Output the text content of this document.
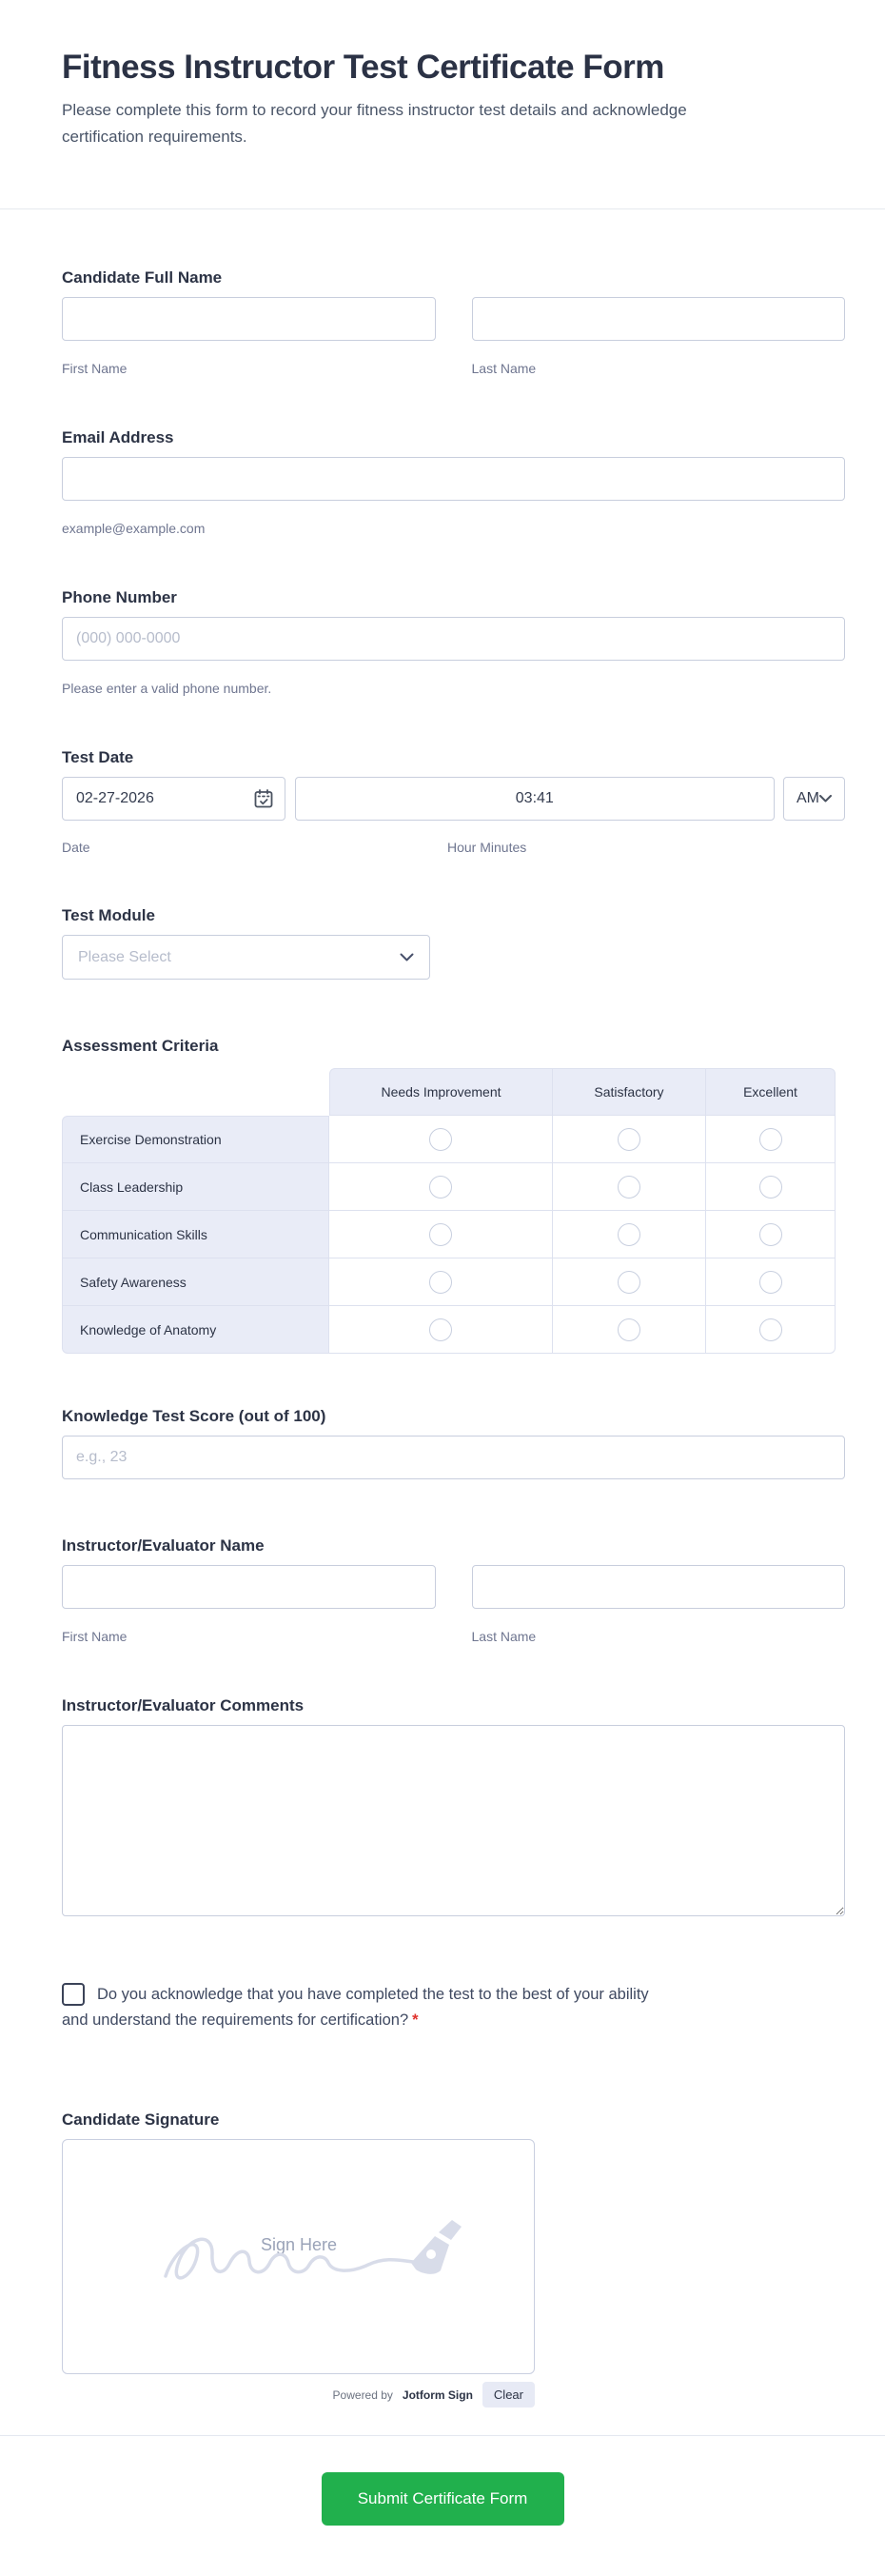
Fitness Instructor Test Certificate Form

Please complete this form to record your fitness instructor test details and acknowledge certification requirements.

Candidate Full Name
First Name	Last Name
Email Address
example@example.com
Phone Number
(000) 000-0000
Please enter a valid phone number.
Test Date
02-27-2026
03:41
AM
Date	Hour Minutes
Test Module
Please Select
Assessment Criteria
Needs Improvement	Satisfactory	Excellent
Exercise Demonstration
Class Leadership
Communication Skills
Safety Awareness
Knowledge of Anatomy
Knowledge Test Score (out of 100)
e.g., 23
Instructor/Evaluator Name
First Name	Last Name
Instructor/Evaluator Comments
Do you acknowledge that you have completed the test to the best of your ability and understand the requirements for certification? *
Candidate Signature
Sign Here
Powered by Jotform Sign	Clear
Submit Certificate Form
